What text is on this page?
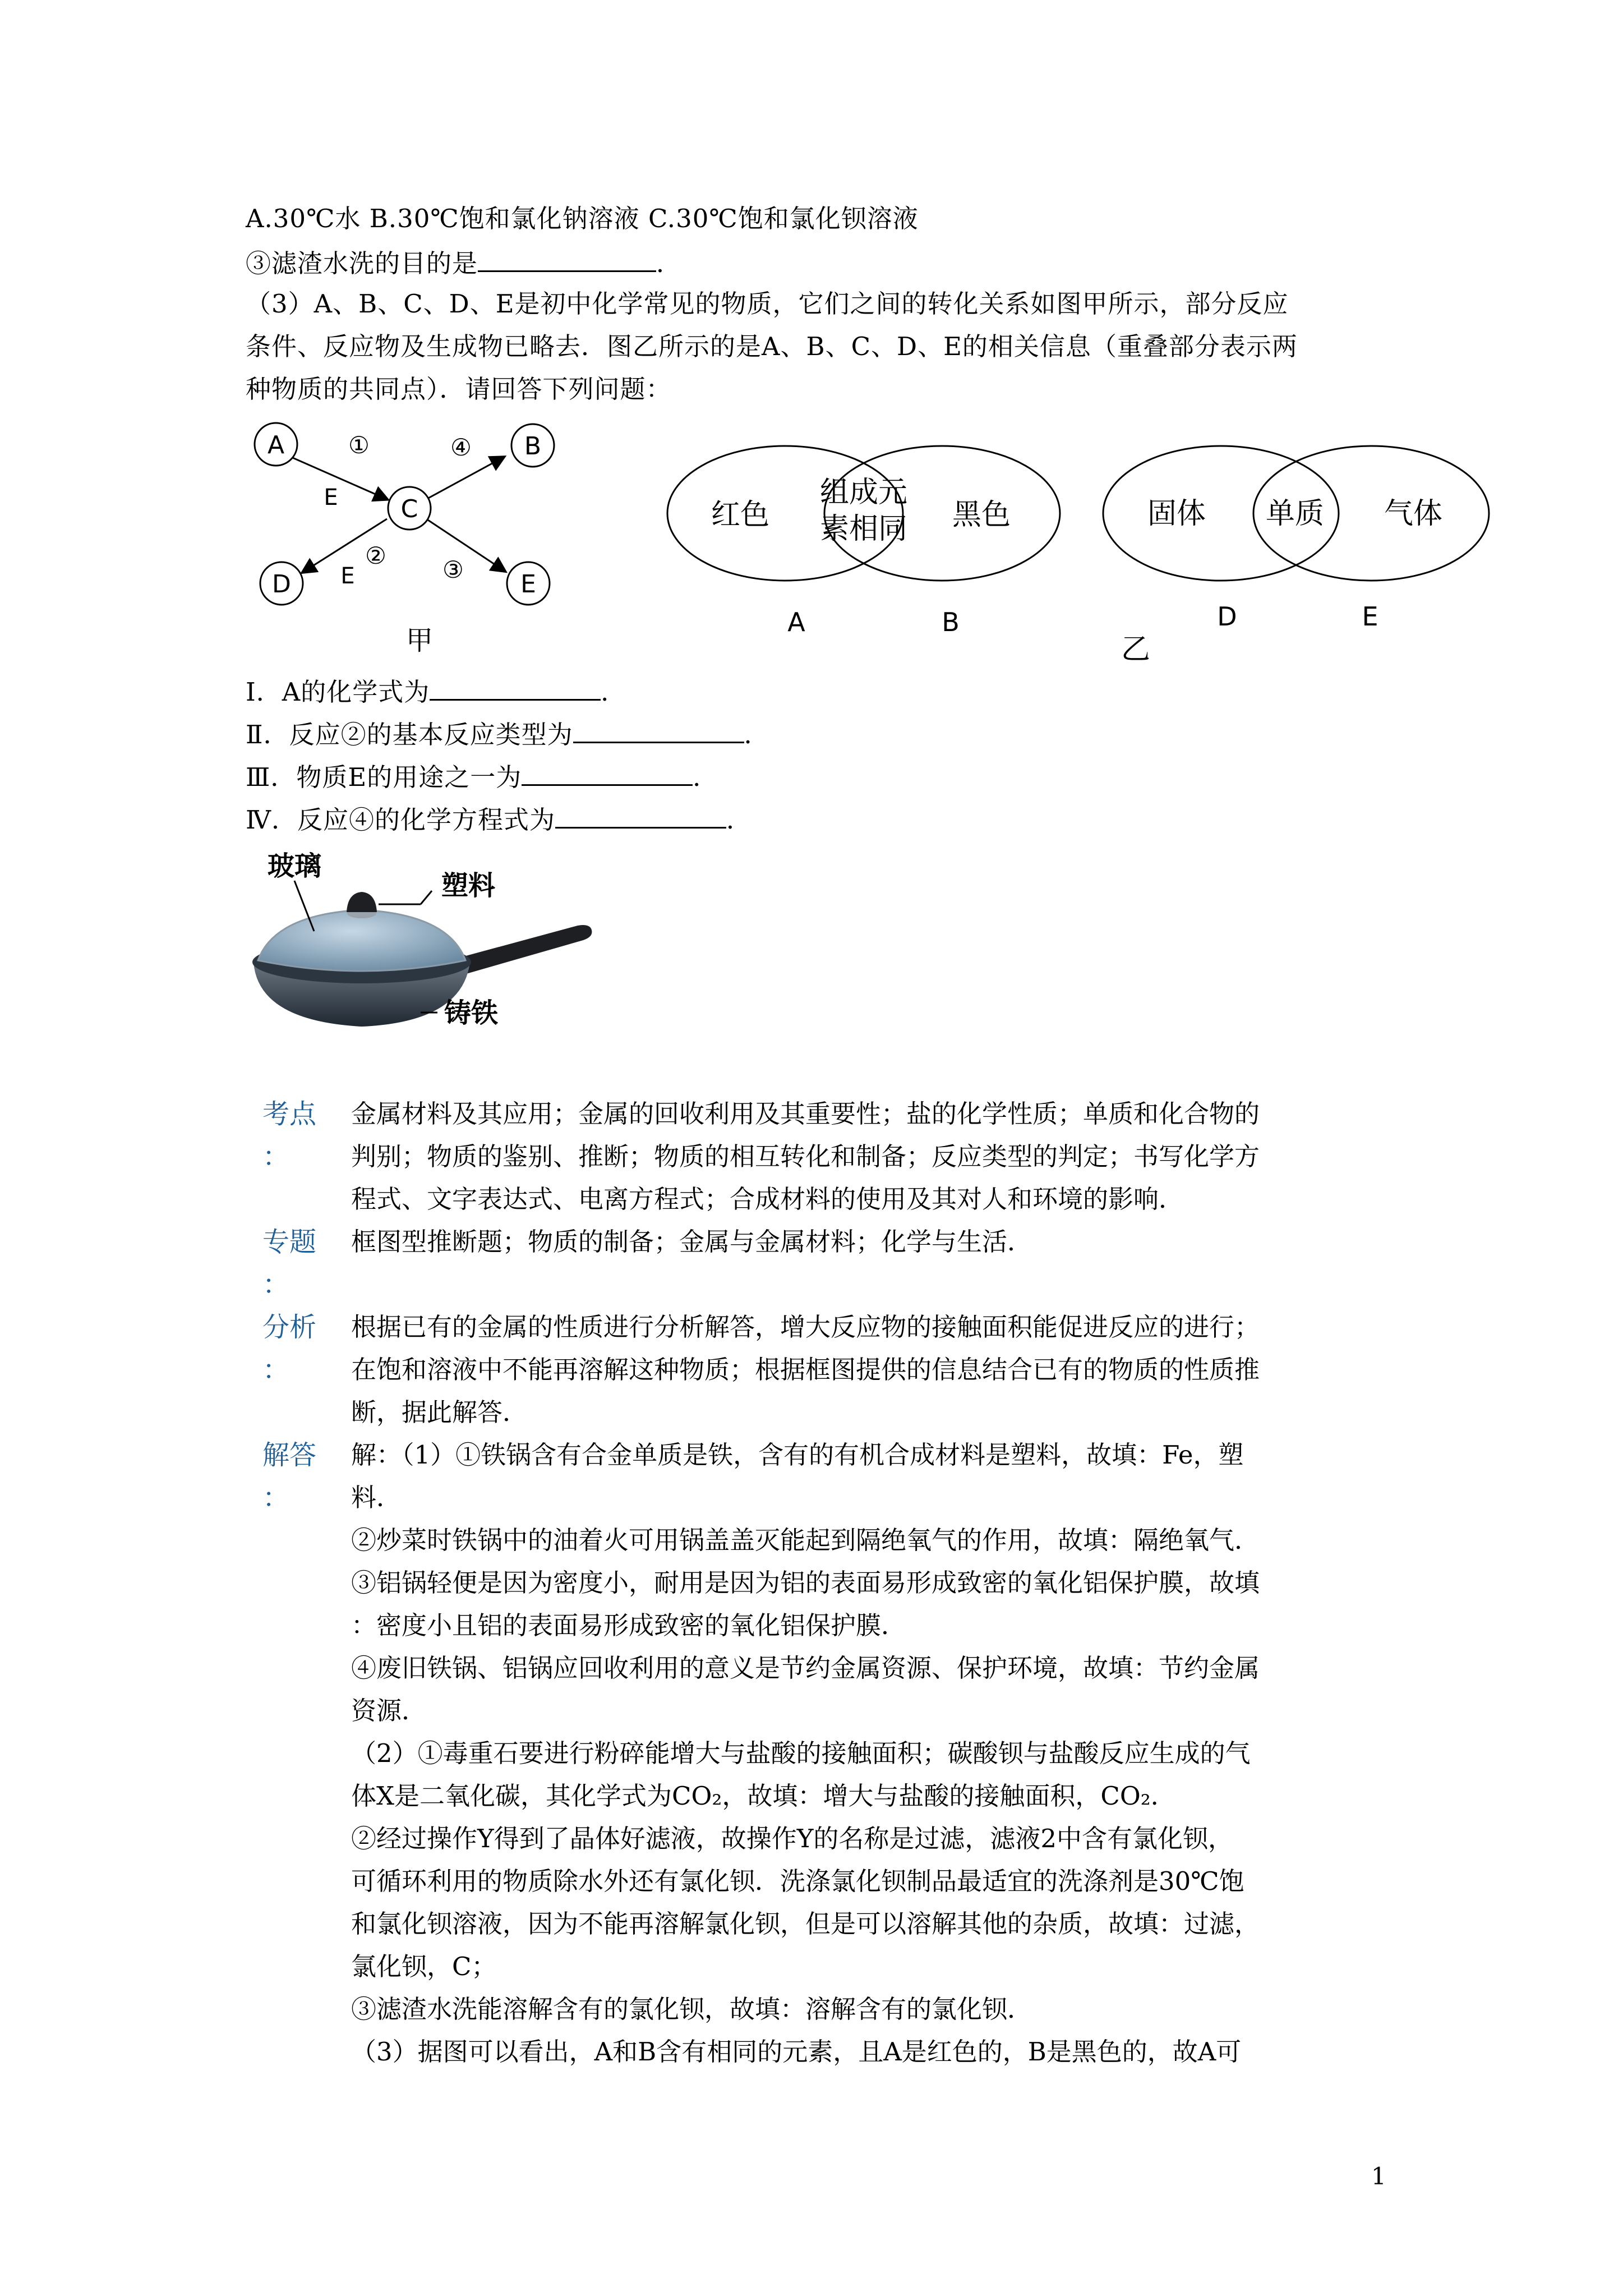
A.30℃水 B.30℃饱和氯化钠溶液 C.30℃饱和氯化钡溶液
③滤渣水洗的目的是	．
（3）A、B、C、D、E是初中化学常见的物质，它们之间的转化关系如图甲所示，部分反应
条件、反应物及生成物已略去．图乙所示的是A、B、C、D、E的相关信息（重叠部分表示两
种物质的共同点）．请回答下列问题：
A
C
B
D	E
①	④
E
②
E	③
甲
红色
组成元
素相同 黑色
A	B
固体 单质 气体
D	E
乙
Ⅰ．A的化学式为	．
Ⅱ．反应②的基本反应类型为	．
Ⅲ．物质E的用途之一为	．
Ⅳ．反应④的化学方程式为	．
玻璃
塑料
铸铁
考点
：
金属材料及其应用；金属的回收利用及其重要性；盐的化学性质；单质和化合物的
判别；物质的鉴别、推断；物质的相互转化和制备；反应类型的判定；书写化学方
程式、文字表达式、电离方程式；合成材料的使用及其对人和环境的影响．
专题
：
框图型推断题；物质的制备；金属与金属材料；化学与生活．
分析
：
根据已有的金属的性质进行分析解答，增大反应物的接触面积能促进反应的进行；
在饱和溶液中不能再溶解这种物质；根据框图提供的信息结合已有的物质的性质推
断，据此解答．
解答
：
解：（1）①铁锅含有合金单质是铁，含有的有机合成材料是塑料，故填：Fe，塑
料．
②炒菜时铁锅中的油着火可用锅盖盖灭能起到隔绝氧气的作用，故填：隔绝氧气．
③铝锅轻便是因为密度小，耐用是因为铝的表面易形成致密的氧化铝保护膜，故填
：密度小且铝的表面易形成致密的氧化铝保护膜．
④废旧铁锅、铝锅应回收利用的意义是节约金属资源、保护环境，故填：节约金属
资源．
（2）①毒重石要进行粉碎能增大与盐酸的接触面积；碳酸钡与盐酸反应生成的气
体X是二氧化碳，其化学式为CO₂，故填：增大与盐酸的接触面积，CO₂．
②经过操作Y得到了晶体好滤液，故操作Y的名称是过滤，滤液2中含有氯化钡，
可循环利用的物质除水外还有氯化钡．洗涤氯化钡制品最适宜的洗涤剂是30℃饱
和氯化钡溶液，因为不能再溶解氯化钡，但是可以溶解其他的杂质，故填：过滤，
氯化钡，C；
③滤渣水洗能溶解含有的氯化钡，故填：溶解含有的氯化钡．
（3）据图可以看出，A和B含有相同的元素，且A是红色的，B是黑色的，故A可
1
